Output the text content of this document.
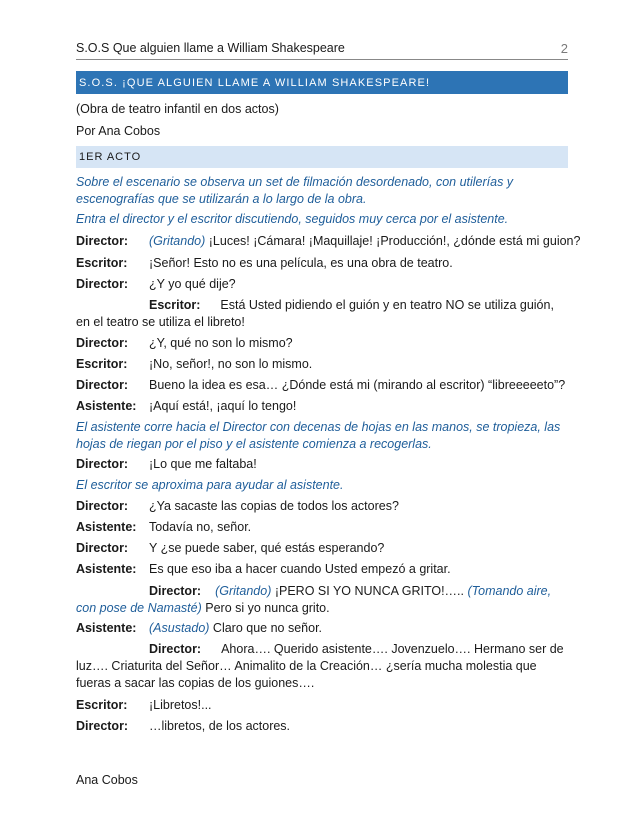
S.O.S Que alguien llame a William Shakespeare	2
S.O.S. ¡QUE ALGUIEN LLAME A WILLIAM SHAKESPEARE!
(Obra de teatro infantil en dos actos)
Por Ana Cobos
1ER ACTO
Sobre el escenario se observa un set de filmación desordenado, con utilerías y escenografías que se utilizarán a lo largo de la obra.
Entra el director y el escritor discutiendo, seguidos muy cerca por el asistente.
Director: (Gritando) ¡Luces! ¡Cámara! ¡Maquillaje! ¡Producción!, ¿dónde está mi guion?
Escritor: ¡Señor! Esto no es una película, es una obra de teatro.
Director: ¿Y yo qué dije?
Escritor: Está Usted pidiendo el guión y en teatro NO se utiliza guión, en el teatro se utiliza el libreto!
Director: ¿Y, qué no son lo mismo?
Escritor: ¡No, señor!, no son lo mismo.
Director: Bueno la idea es esa… ¿Dónde está mi (mirando al escritor) “librееееeto”?
Asistente: ¡Aquí está!, ¡aquí lo tengo!
El asistente corre hacia el Director con decenas de hojas en las manos, se tropieza, las hojas de riegan por el piso y el asistente comienza a recogerlas.
Director: ¡Lo que me faltaba!
El escritor se aproxima para ayudar al asistente.
Director: ¿Ya sacaste las copias de todos los actores?
Asistente: Todavía no, señor.
Director: Y ¿se puede saber, qué estás esperando?
Asistente: Es que eso iba a hacer cuando Usted empezó a gritar.
Director: (Gritando) ¡PERO SI YO NUNCA GRITO!….. (Tomando aire, con pose de Namasté) Pero si yo nunca grito.
Asistente: (Asustado) Claro que no señor.
Director: Ahora…. Querido asistente…. Jovenzuelo…. Hermano ser de luz…. Criaturita del Señor… Animalito de la Creación… ¿sería mucha molestia que fueras a sacar las copias de los guiones….
Escritor: ¡Libretos!...
Director: …libretos, de los actores.
Ana Cobos
